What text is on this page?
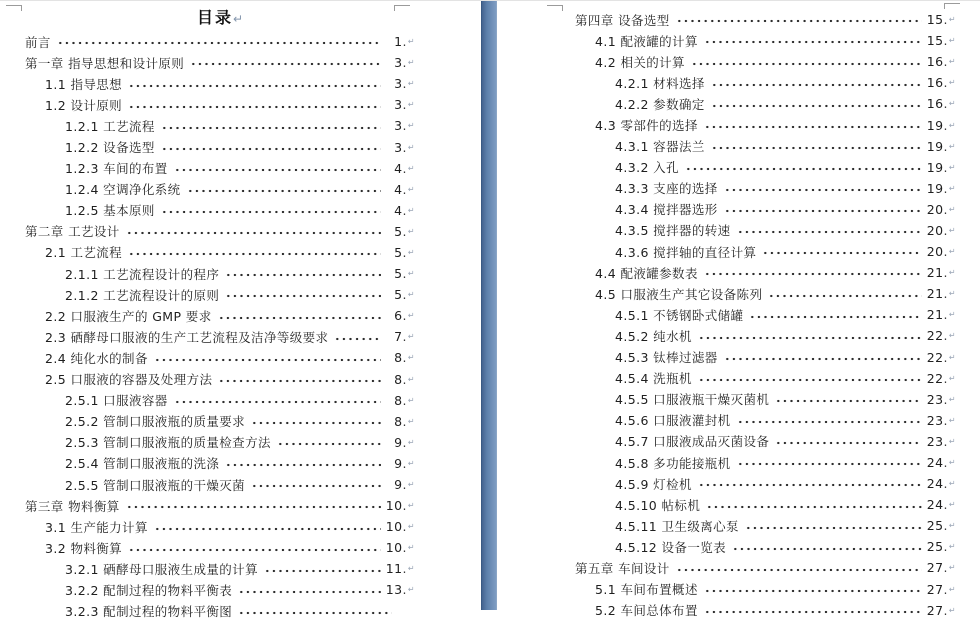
目录↵
前言	1 . ↵
第一章 指导思想和设计原则	3 . ↵
1.1 指导思想	3 . ↵
1.2 设计原则	3 . ↵
1.2.1 工艺流程	3 . ↵
1.2.2 设备选型	3 . ↵
1.2.3 车间的布置	4 . ↵
1.2.4 空调净化系统	4 . ↵
1.2.5 基本原则	4 . ↵
第二章 工艺设计	5 . ↵
2.1 工艺流程	5 . ↵
2.1.1 工艺流程设计的程序	5 . ↵
2.1.2 工艺流程设计的原则	5 . ↵
2.2 口服液生产的 GMP 要求	6 . ↵
2.3 硒酵母口服液的生产工艺流程及洁净等级要求	7 . ↵
2.4 纯化水的制备	8 . ↵
2.5 口服液的容器及处理方法	8 . ↵
2.5.1 口服液容器	8 . ↵
2.5.2 管制口服液瓶的质量要求	8 . ↵
2.5.3 管制口服液瓶的质量检查方法	9 . ↵
2.5.4 管制口服液瓶的洗涤	9 . ↵
2.5.5 管制口服液瓶的干燥灭菌	9 . ↵
第三章 物料衡算	10 . ↵
3.1 生产能力计算	10 . ↵
3.2 物料衡算	10 . ↵
3.2.1 硒酵母口服液生成量的计算	11 . ↵
3.2.2 配制过程的物料平衡表	13 . ↵
3.2.3 配制过程的物料平衡图
第四章 设备选型	15 . ↵
4.1 配液罐的计算	15 . ↵
4.2 相关的计算	16 . ↵
4.2.1 材料选择	16 . ↵
4.2.2 参数确定	16 . ↵
4.3 零部件的选择	19 . ↵
4.3.1 容器法兰	19 . ↵
4.3.2 入孔	19 . ↵
4.3.3 支座的选择	19 . ↵
4.3.4 搅拌器选形	20 . ↵
4.3.5 搅拌器的转速	20 . ↵
4.3.6 搅拌轴的直径计算	20 . ↵
4.4 配液罐参数表	21 . ↵
4.5 口服液生产其它设备陈列	21 . ↵
4.5.1 不锈钢卧式储罐	21 . ↵
4.5.2 纯水机	22 . ↵
4.5.3 钛棒过滤器	22 . ↵
4.5.4 洗瓶机	22 . ↵
4.5.5 口服液瓶干燥灭菌机	23 . ↵
4.5.6 口服液灌封机	23 . ↵
4.5.7 口服液成品灭菌设备	23 . ↵
4.5.8 多功能接瓶机	24 . ↵
4.5.9 灯检机	24 . ↵
4.5.10 帖标机	24 . ↵
4.5.11 卫生级离心泵	25 . ↵
4.5.12 设备一览表	25 . ↵
第五章 车间设计	27 . ↵
5.1 车间布置概述	27 . ↵
5.2 车间总体布置	27 . ↵
